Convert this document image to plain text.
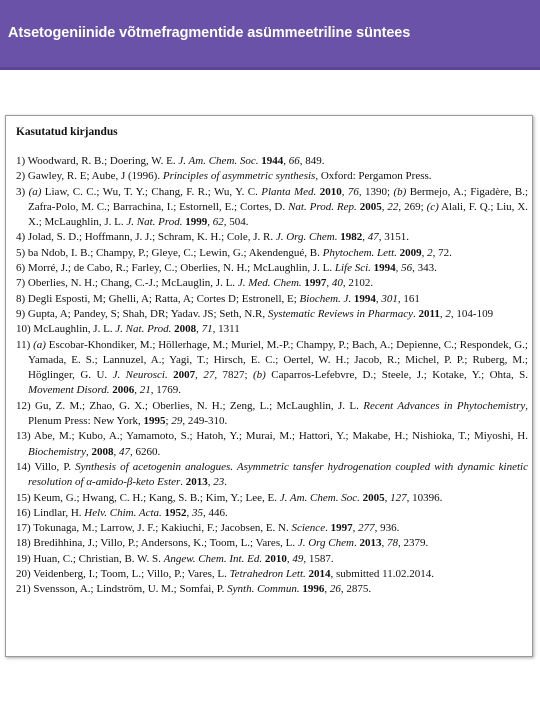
Atsetogeniinide võtmefragmentide asümmeetriline süntees
Kasutatud kirjandus

1) Woodward, R. B.; Doering, W. E. J. Am. Chem. Soc. 1944, 66, 849.

2) Gawley, R. E; Aube, J (1996). Principles of asymmetric synthesis, Oxford: Pergamon Press.

3) (a) Liaw, C. C.; Wu, T. Y.; Chang, F. R.; Wu, Y. C. Planta Med. 2010, 76, 1390; (b) Bermejo, A.; Figadère, B.; Zafra-Polo, M. C.; Barrachina, I.; Estornell, E.; Cortes, D. Nat. Prod. Rep. 2005, 22, 269; (c) Alali, F. Q.; Liu, X. X.; McLaughlin, J. L. J. Nat. Prod. 1999, 62, 504.

4) Jolad, S. D.; Hoffmann, J. J.; Schram, K. H.; Cole, J. R. J. Org. Chem. 1982, 47, 3151.

5) ba Ndob, I. B.; Champy, P.; Gleye, C.; Lewin, G.; Akendengué, B. Phytochem. Lett. 2009, 2, 72.

6) Morré, J.; de Cabo, R.; Farley, C.; Oberlies, N. H.; McLaughlin, J. L. Life Sci. 1994, 56, 343.

7) Oberlies, N. H.; Chang, C.-J.; McLauglin, J. L. J. Med. Chem. 1997, 40, 2102.

8) Degli Esposti, M; Ghelli, A; Ratta, A; Cortes D; Estronell, E; Biochem. J. 1994, 301, 161

9) Gupta, A; Pandey, S; Shah, DR; Yadav. JS; Seth, N.R, Systematic Reviews in Pharmacy. 2011, 2, 104-109

10) McLaughlin, J. L. J. Nat. Prod. 2008, 71, 1311

11) (a) Escobar-Khondiker, M.; Höllerhage, M.; Muriel, M.-P.; Champy, P.; Bach, A.; Depienne, C.; Respondek, G.; Yamada, E. S.; Lannuzel, A.; Yagi, T.; Hirsch, E. C.; Oertel, W. H.; Jacob, R.; Michel, P. P.; Ruberg, M.; Höglinger, G. U. J. Neurosci. 2007, 27, 7827; (b) Caparros-Lefebvre, D.; Steele, J.; Kotake, Y.; Ohta, S. Movement Disord. 2006, 21, 1769.

12) Gu, Z. M.; Zhao, G. X.; Oberlies, N. H.; Zeng, L.; McLaughlin, J. L. Recent Advances in Phytochemistry, Plenum Press: New York, 1995; 29, 249-310.

13) Abe, M.; Kubo, A.; Yamamoto, S.; Hatoh, Y.; Murai, M.; Hattori, Y.; Makabe, H.; Nishioka, T.; Miyoshi, H. Biochemistry, 2008, 47, 6260.

14) Villo, P. Synthesis of acetogenin analogues. Asymmetric tansfer hydrogenation coupled with dynamic kinetic resolution of α-amido-β-keto Ester. 2013, 23.

15) Keum, G.; Hwang, C. H.; Kang, S. B.; Kim, Y.; Lee, E. J. Am. Chem. Soc. 2005, 127, 10396.

16) Lindlar, H. Helv. Chim. Acta. 1952, 35, 446.

17) Tokunaga, M.; Larrow, J. F.; Kakiuchi, F.; Jacobsen, E. N. Science. 1997, 277, 936.

18) Bredihhina, J.; Villo, P.; Andersons, K.; Toom, L.; Vares, L. J. Org Chem. 2013, 78, 2379.

19) Huan, C.; Christian, B. W. S. Angew. Chem. Int. Ed. 2010, 49, 1587.

20) Veidenberg, I.; Toom, L.; Villo, P.; Vares, L. Tetrahedron Lett. 2014, submitted 11.02.2014.

21) Svensson, A.; Lindström, U. M.; Somfai, P. Synth. Commun. 1996, 26, 2875.
